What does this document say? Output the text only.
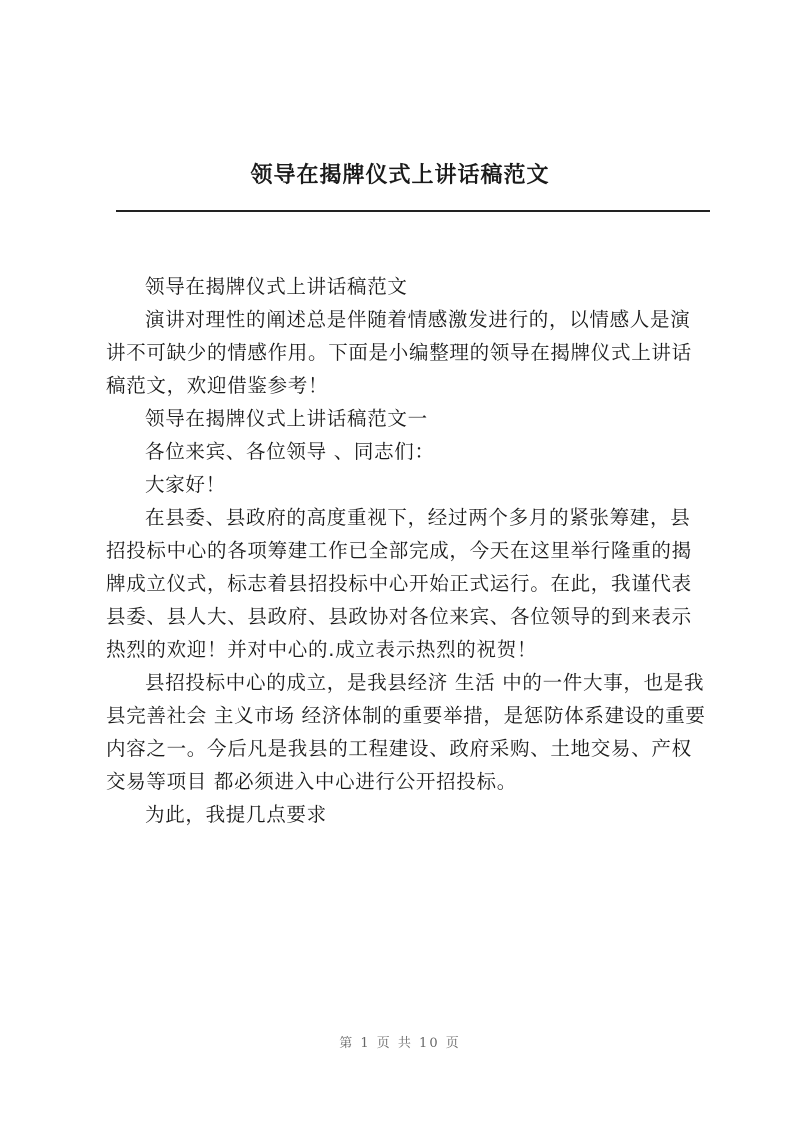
领导在揭牌仪式上讲话稿范文

领导在揭牌仪式上讲话稿范文

演讲对理性的阐述总是伴随着情感激发进行的，以情感人是演讲不可缺少的情感作用。下面是小编整理的领导在揭牌仪式上讲话稿范文，欢迎借鉴参考！

领导在揭牌仪式上讲话稿范文一

各位来宾、各位领导 、同志们：

大家好！

在县委、县政府的高度重视下，经过两个多月的紧张筹建，县招投标中心的各项筹建工作已全部完成，今天在这里举行隆重的揭牌成立仪式，标志着县招投标中心开始正式运行。在此，我谨代表县委、县人大、县政府、县政协对各位来宾、各位领导的到来表示热烈的欢迎！并对中心的.成立表示热烈的祝贺！

县招投标中心的成立，是我县经济 生活 中的一件大事，也是我县完善社会 主义市场 经济体制的重要举措，是惩防体系建设的重要内容之一。今后凡是我县的工程建设、政府采购、土地交易、产权交易等项目 都必须进入中心进行公开招投标。

为此，我提几点要求

第 1 页 共 10 页
